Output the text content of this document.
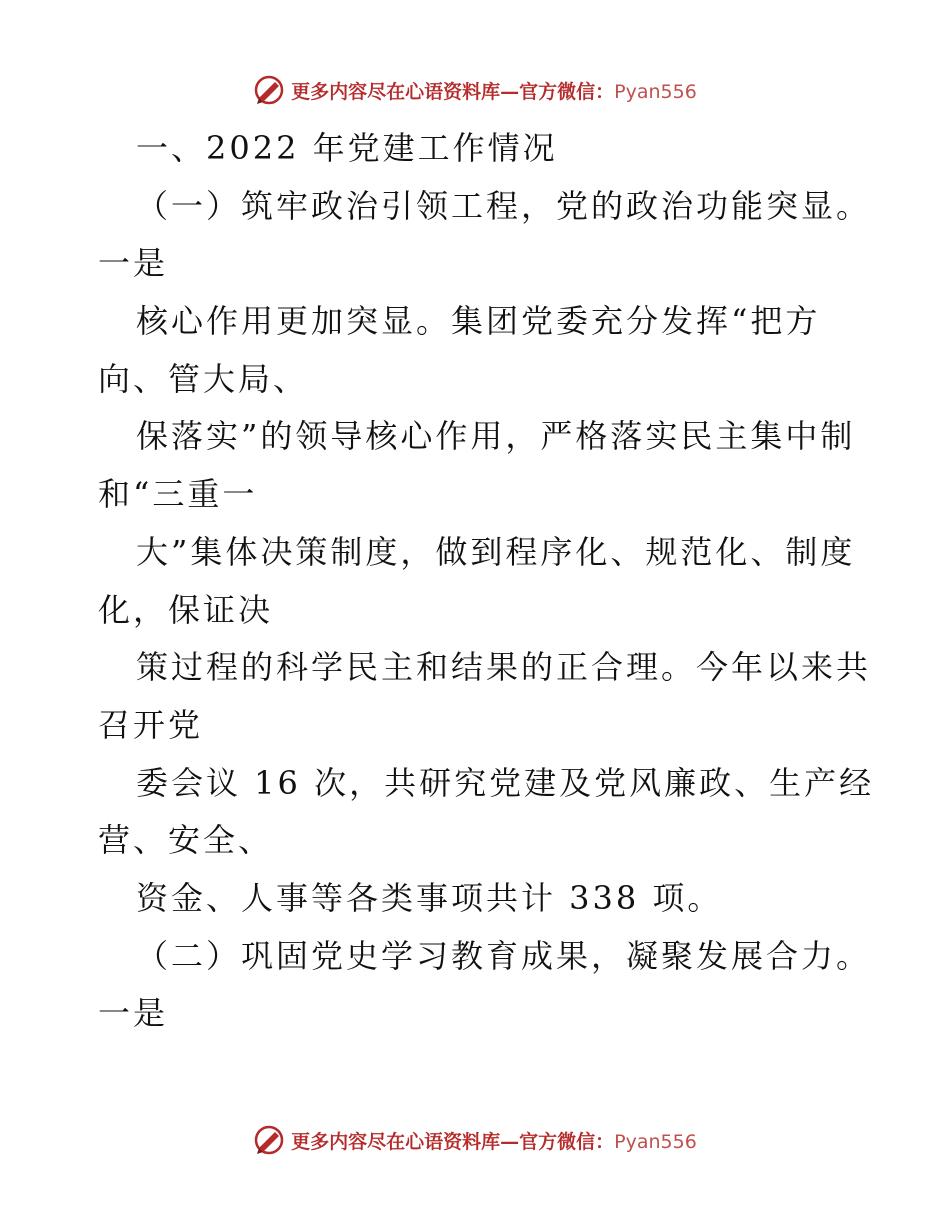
更多内容尽在心语资料库—官方微信：Pyan556
一、2022 年党建工作情况
（一）筑牢政治引领工程，党的政治功能突显。
一是
核心作用更加突显。集团党委充分发挥“把方
向、管大局、
保落实”的领导核心作用，严格落实民主集中制
和“三重一
大”集体决策制度，做到程序化、规范化、制度
化，保证决
策过程的科学民主和结果的正合理。今年以来共
召开党
委会议 16 次，共研究党建及党风廉政、生产经
营、安全、
资金、人事等各类事项共计 338 项。
（二）巩固党史学习教育成果，凝聚发展合力。
一是
更多内容尽在心语资料库—官方微信：Pyan556
